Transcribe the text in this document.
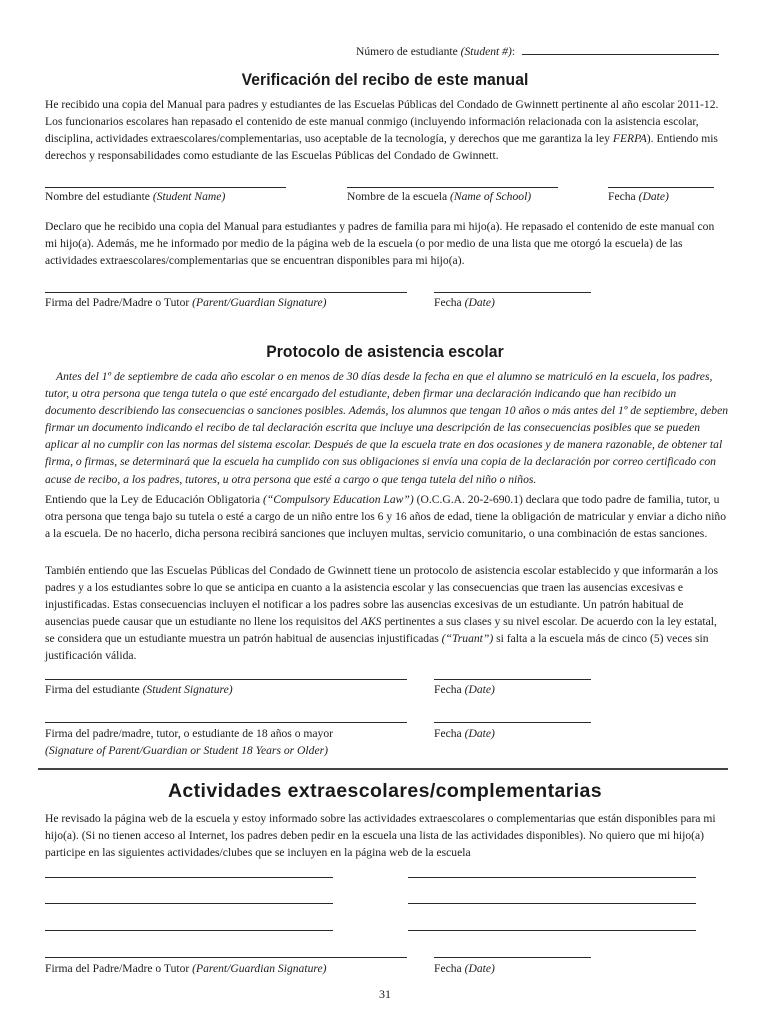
Número de estudiante (Student #):
Verificación del recibo de este manual

He recibido una copia del Manual para padres y estudiantes de las Escuelas Públicas del Condado de Gwinnett pertinente al año escolar 2011-12. Los funcionarios escolares han repasado el contenido de este manual conmigo (incluyendo información relacionada con la asistencia escolar, disciplina, actividades extraescolares/complementarias, uso aceptable de la tecnología, y derechos que me garantiza la ley FERPA). Entiendo mis derechos y responsabilidades como estudiante de las Escuelas Públicas del Condado de Gwinnett.

Nombre del estudiante (Student Name)	Nombre de la escuela (Name of School)	Fecha (Date)

Declaro que he recibido una copia del Manual para estudiantes y padres de familia para mi hijo(a). He repasado el contenido de este manual con mi hijo(a). Además, me he informado por medio de la página web de la escuela (o por medio de una lista que me otorgó la escuela) de las actividades extraescolares/complementarias que se encuentran disponibles para mi hijo(a).

Firma del Padre/Madre o Tutor (Parent/Guardian Signature)	Fecha (Date)
Protocolo de asistencia escolar

Antes del 1º de septiembre de cada año escolar o en menos de 30 días desde la fecha en que el alumno se matriculó en la escuela, los padres, tutor, u otra persona que tenga tutela o que esté encargado del estudiante, deben firmar una declaración indicando que han recibido un documento describiendo las consecuencias o sanciones posibles. Además, los alumnos que tengan 10 años o más antes del 1º de septiembre, deben firmar un documento indicando el recibo de tal declaración escrita que incluye una descripción de las consecuencias posibles que se pueden aplicar al no cumplir con las normas del sistema escolar. Después de que la escuela trate en dos ocasiones y de manera razonable, de obtener tal firma, o firmas, se determinará que la escuela ha cumplido con sus obligaciones si envía una copia de la declaración por correo certificado con acuse de recibo, a los padres, tutores, u otra persona que esté a cargo o que tenga tutela del niño o niños.

Entiendo que la Ley de Educación Obligatoria (“Compulsory Education Law”) (O.C.G.A. 20-2-690.1) declara que todo padre de familia, tutor, u otra persona que tenga bajo su tutela o esté a cargo de un niño entre los 6 y 16 años de edad, tiene la obligación de matricular y enviar a dicho niño a la escuela. De no hacerlo, dicha persona recibirá sanciones que incluyen multas, servicio comunitario, o una combinación de estas sanciones.

También entiendo que las Escuelas Públicas del Condado de Gwinnett tiene un protocolo de asistencia escolar establecido y que informarán a los padres y a los estudiantes sobre lo que se anticipa en cuanto a la asistencia escolar y las consecuencias que traen las ausencias excesivas e injustificadas. Estas consecuencias incluyen el notificar a los padres sobre las ausencias excesivas de un estudiante. Un patrón habitual de ausencias puede causar que un estudiante no llene los requisitos del AKS pertinentes a sus clases y su nivel escolar. De acuerdo con la ley estatal, se considera que un estudiante muestra un patrón habitual de ausencias injustificadas (“Truant”) si falta a la escuela más de cinco (5) veces sin justificación válida.

Firma del estudiante (Student Signature)	Fecha (Date)
Firma del padre/madre, tutor, o estudiante de 18 años o mayor
(Signature of Parent/Guardian or Student 18 Years or Older)
Fecha (Date)
Actividades extraescolares/complementarias

He revisado la página web de la escuela y estoy informado sobre las actividades extraescolares o complementarias que están disponibles para mi hijo(a). (Si no tienen acceso al Internet, los padres deben pedir en la escuela una lista de las actividades disponibles). No quiero que mi hijo(a) participe en las siguientes actividades/clubes que se incluyen en la página web de la escuela

Firma del Padre/Madre o Tutor (Parent/Guardian Signature)	Fecha (Date)
31
